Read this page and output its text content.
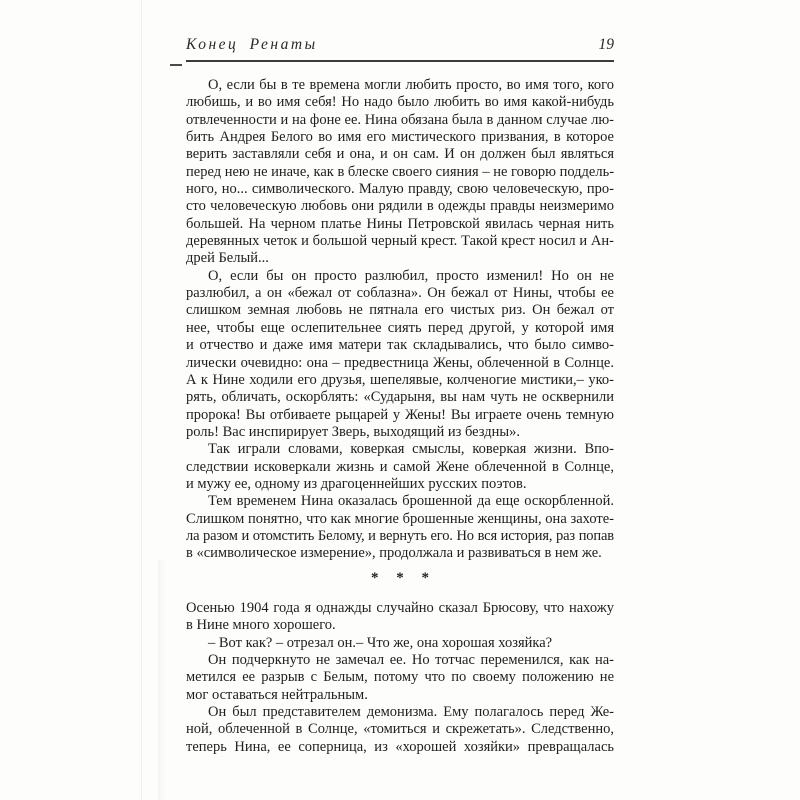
Конец Ренаты	19
О, если бы в те времена могли любить просто, во имя того, кого
любишь, и во имя себя! Но надо было любить во имя какой-нибудь
отвлеченности и на фоне ее. Нина обязана была в данном случае лю-
бить Андрея Белого во имя его мистического призвания, в которое
верить заставляли себя и она, и он сам. И он должен был являться
перед нею не иначе, как в блеске своего сияния – не говорю поддель-
ного, но... символического. Малую правду, свою человеческую, про-
сто человеческую любовь они рядили в одежды правды неизмеримо
большей. На черном платье Нины Петровской явилась черная нить
деревянных четок и большой черный крест. Такой крест носил и Ан-
дрей Белый...
О, если бы он просто разлюбил, просто изменил! Но он не
разлюбил, а он «бежал от соблазна». Он бежал от Нины, чтобы ее
слишком земная любовь не пятнала его чистых риз. Он бежал от
нее, чтобы еще ослепительнее сиять перед другой, у которой имя
и отчество и даже имя матери так складывались, что было симво-
лически очевидно: она – предвестница Жены, облеченной в Солнце.
А к Нине ходили его друзья, шепелявые, колченогие мистики,– уко-
рять, обличать, оскорблять: «Сударыня, вы нам чуть не осквернили
пророка! Вы отбиваете рыцарей у Жены! Вы играете очень темную
роль! Вас инспирирует Зверь, выходящий из бездны».
Так играли словами, коверкая смыслы, коверкая жизни. Впо-
следствии исковеркали жизнь и самой Жене облеченной в Солнце,
и мужу ее, одному из драгоценнейших русских поэтов.
Тем временем Нина оказалась брошенной да еще оскорбленной.
Слишком понятно, что как многие брошенные женщины, она захоте-
ла разом и отомстить Белому, и вернуть его. Но вся история, раз попав
в «символическое измерение», продолжала и развиваться в нем же.
* * *
Осенью 1904 года я однажды случайно сказал Брюсову, что нахожу
в Нине много хорошего.
– Вот как? – отрезал он.– Что же, она хорошая хозяйка?
Он подчеркнуто не замечал ее. Но тотчас переменился, как на-
метился ее разрыв с Белым, потому что по своему положению не
мог оставаться нейтральным.
Он был представителем демонизма. Ему полагалось перед Же-
ной, облеченной в Солнце, «томиться и скрежетать». Следственно,
теперь Нина, ее соперница, из «хорошей хозяйки» превращалась
